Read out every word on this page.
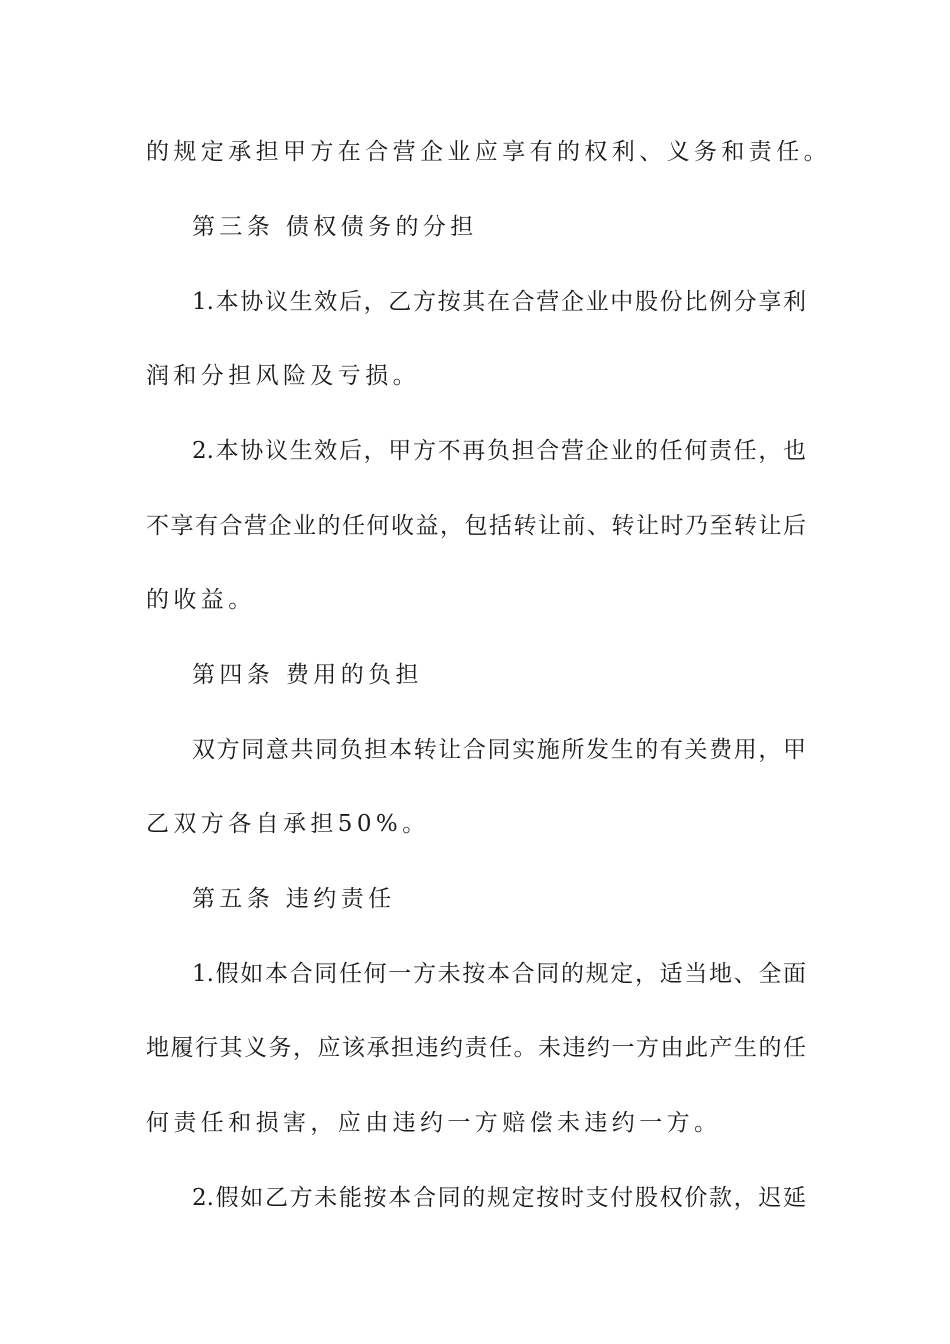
的规定承担甲方在合营企业应享有的权利、义务和责任。
第三条 债权债务的分担
1.本协议生效后，乙方按其在合营企业中股份比例分享利
润和分担风险及亏损。
2.本协议生效后，甲方不再负担合营企业的任何责任，也
不享有合营企业的任何收益，包括转让前、转让时乃至转让后
的收益。
第四条 费用的负担
双方同意共同负担本转让合同实施所发生的有关费用，甲
乙双方各自承担50%。
第五条 违约责任
1.假如本合同任何一方未按本合同的规定，适当地、全面
地履行其义务，应该承担违约责任。未违约一方由此产生的任
何责任和损害，应由违约一方赔偿未违约一方。
2.假如乙方未能按本合同的规定按时支付股权价款，迟延
